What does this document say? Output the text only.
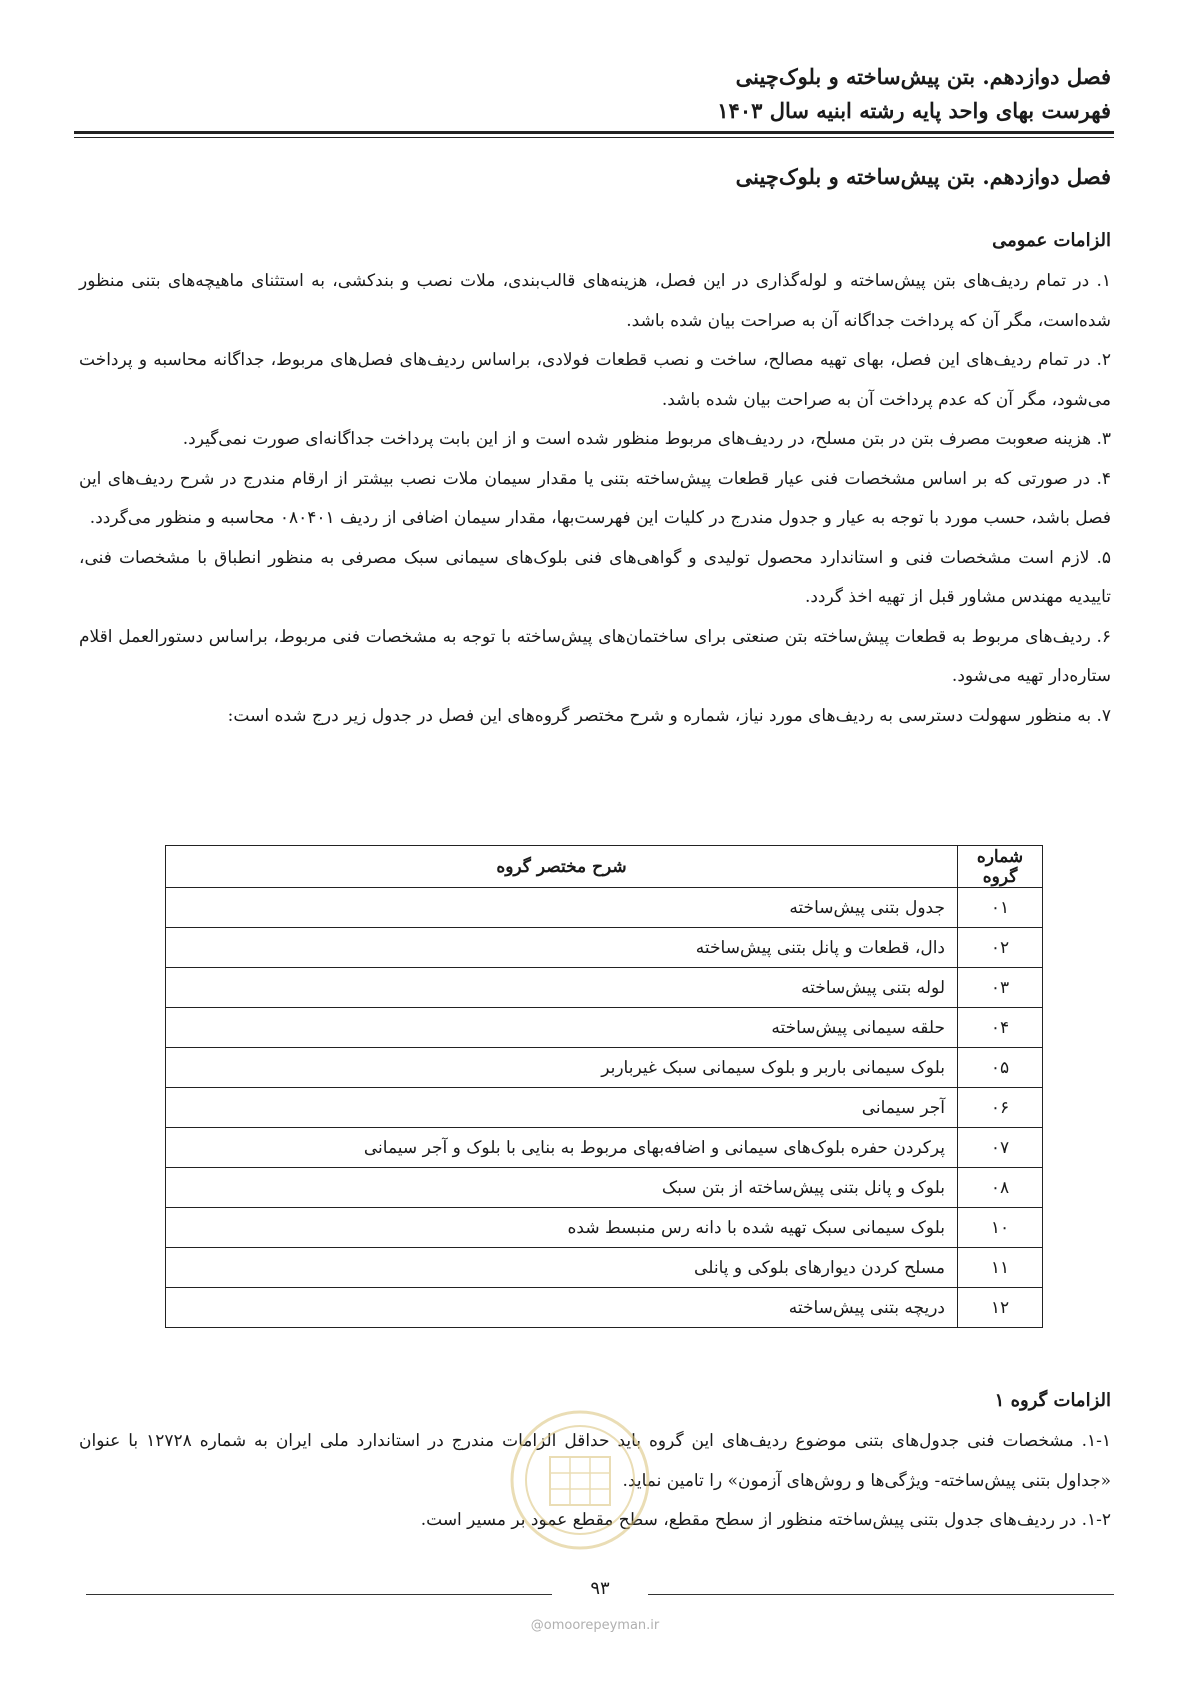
فصل دوازدهم. بتن پیش‌ساخته و بلوک‌چینی
فهرست بهای واحد پایه رشته ابنیه سال ۱۴۰۳
فصل دوازدهم. بتن پیش‌ساخته و بلوک‌چینی
الزامات عمومی

۱. در تمام ردیف‌های بتن پیش‌ساخته و لوله‌گذاری در این فصل، هزینه‌های قالب‌بندی، ملات نصب و بندکشی، به استثنای ماهیچه‌های بتنی منظور شده‌است، مگر آن که پرداخت جداگانه آن به صراحت بیان شده باشد.

۲. در تمام ردیف‌های این فصل، بهای تهیه مصالح، ساخت و نصب قطعات فولادی، براساس ردیف‌های فصل‌های مربوط، جداگانه محاسبه و پرداخت می‌شود، مگر آن که عدم پرداخت آن به صراحت بیان شده باشد.

۳. هزینه صعوبت مصرف بتن در بتن مسلح، در ردیف‌های مربوط منظور شده است و از این بابت پرداخت جداگانه‌ای صورت نمی‌گیرد.

۴. در صورتی که بر اساس مشخصات فنی عیار قطعات پیش‌ساخته بتنی یا مقدار سیمان ملات نصب بیشتر از ارقام مندرج در شرح ردیف‌های این فصل باشد، حسب مورد با توجه به عیار و جدول مندرج در کلیات این فهرست‌بها، مقدار سیمان اضافی از ردیف ۰۸۰۴۰۱ محاسبه و منظور می‌گردد.

۵. لازم است مشخصات فنی و استاندارد محصول تولیدی و گواهی‌های فنی بلوک‌های سیمانی سبک مصرفی به منظور انطباق با مشخصات فنی، تاییدیه مهندس مشاور قبل از تهیه اخذ گردد.

۶. ردیف‌های مربوط به قطعات پیش‌ساخته بتن صنعتی برای ساختمان‌های پیش‌ساخته با توجه به مشخصات فنی مربوط، براساس دستورالعمل اقلام ستاره‌دار تهیه می‌شود.

۷. به منظور سهولت دسترسی به ردیف‌های مورد نیاز، شماره و شرح مختصر گروه‌های این فصل در جدول زیر درج شده است:

شماره گروه	شرح مختصر گروه
۰۱	جدول بتنی پیش‌ساخته
۰۲	دال، قطعات و پانل بتنی پیش‌ساخته
۰۳	لوله بتنی پیش‌ساخته
۰۴	حلقه سیمانی پیش‌ساخته
۰۵	بلوک سیمانی باربر و بلوک سیمانی سبک غیرباربر
۰۶	آجر سیمانی
۰۷	پرکردن حفره بلوک‌های سیمانی و اضافه‌بهای مربوط به بنایی با بلوک و آجر سیمانی
۰۸	بلوک و پانل بتنی پیش‌ساخته از بتن سبک
۱۰	بلوک سیمانی سبک تهیه شده با دانه رس منبسط شده
۱۱	مسلح کردن دیوارهای بلوکی و پانلی
۱۲	دریچه بتنی پیش‌ساخته
الزامات گروه ۱

۱-۱. مشخصات فنی جدول‌های بتنی موضوع ردیف‌های این گروه باید حداقل الزامات مندرج در استاندارد ملی ایران به شماره ۱۲۷۲۸ با عنوان «جداول بتنی پیش‌ساخته- ویژگی‌ها و روش‌های آزمون» را تامین نماید.

۱-۲. در ردیف‌های جدول بتنی پیش‌ساخته منظور از سطح مقطع، سطح مقطع عمود بر مسیر است.

۹۳
@omoorepeyman.ir
